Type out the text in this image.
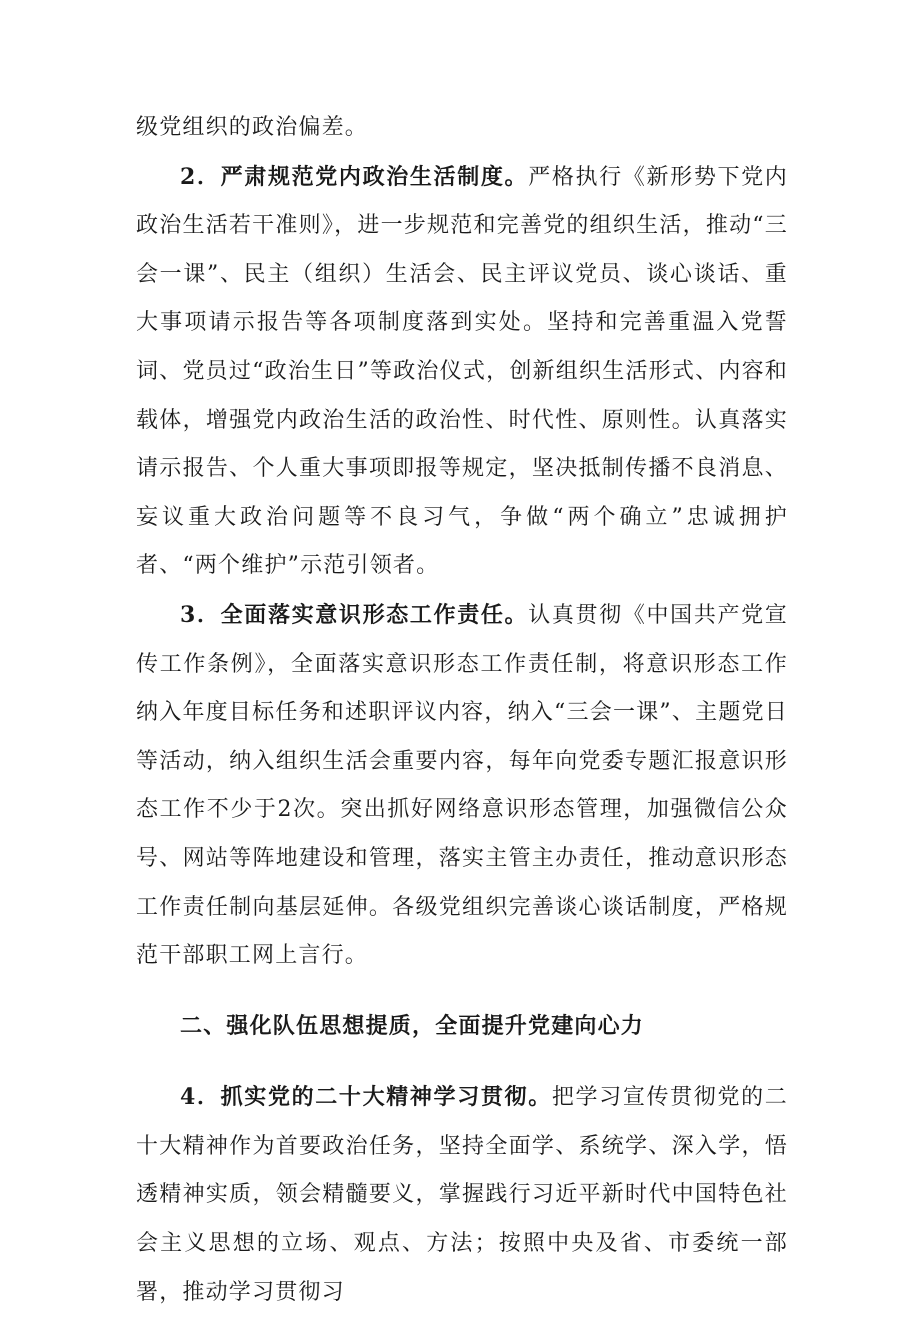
级党组织的政治偏差。

2．严肃规范党内政治生活制度。严格执行《新形势下党内政治生活若干准则》，进一步规范和完善党的组织生活，推动“三会一课”、民主（组织）生活会、民主评议党员、谈心谈话、重大事项请示报告等各项制度落到实处。坚持和完善重温入党誓词、党员过“政治生日”等政治仪式，创新组织生活形式、内容和载体，增强党内政治生活的政治性、时代性、原则性。认真落实请示报告、个人重大事项即报等规定，坚决抵制传播不良消息、妄议重大政治问题等不良习气，争做“两个确立”忠诚拥护者、“两个维护”示范引领者。

3．全面落实意识形态工作责任。认真贯彻《中国共产党宣传工作条例》，全面落实意识形态工作责任制，将意识形态工作纳入年度目标任务和述职评议内容，纳入“三会一课”、主题党日等活动，纳入组织生活会重要内容，每年向党委专题汇报意识形态工作不少于2次。突出抓好网络意识形态管理，加强微信公众号、网站等阵地建设和管理，落实主管主办责任，推动意识形态工作责任制向基层延伸。各级党组织完善谈心谈话制度，严格规范干部职工网上言行。

二、强化队伍思想提质，全面提升党建向心力

4．抓实党的二十大精神学习贯彻。把学习宣传贯彻党的二十大精神作为首要政治任务，坚持全面学、系统学、深入学，悟透精神实质，领会精髓要义，掌握践行习近平新时代中国特色社会主义思想的立场、观点、方法；按照中央及省、市委统一部署，推动学习贯彻习
